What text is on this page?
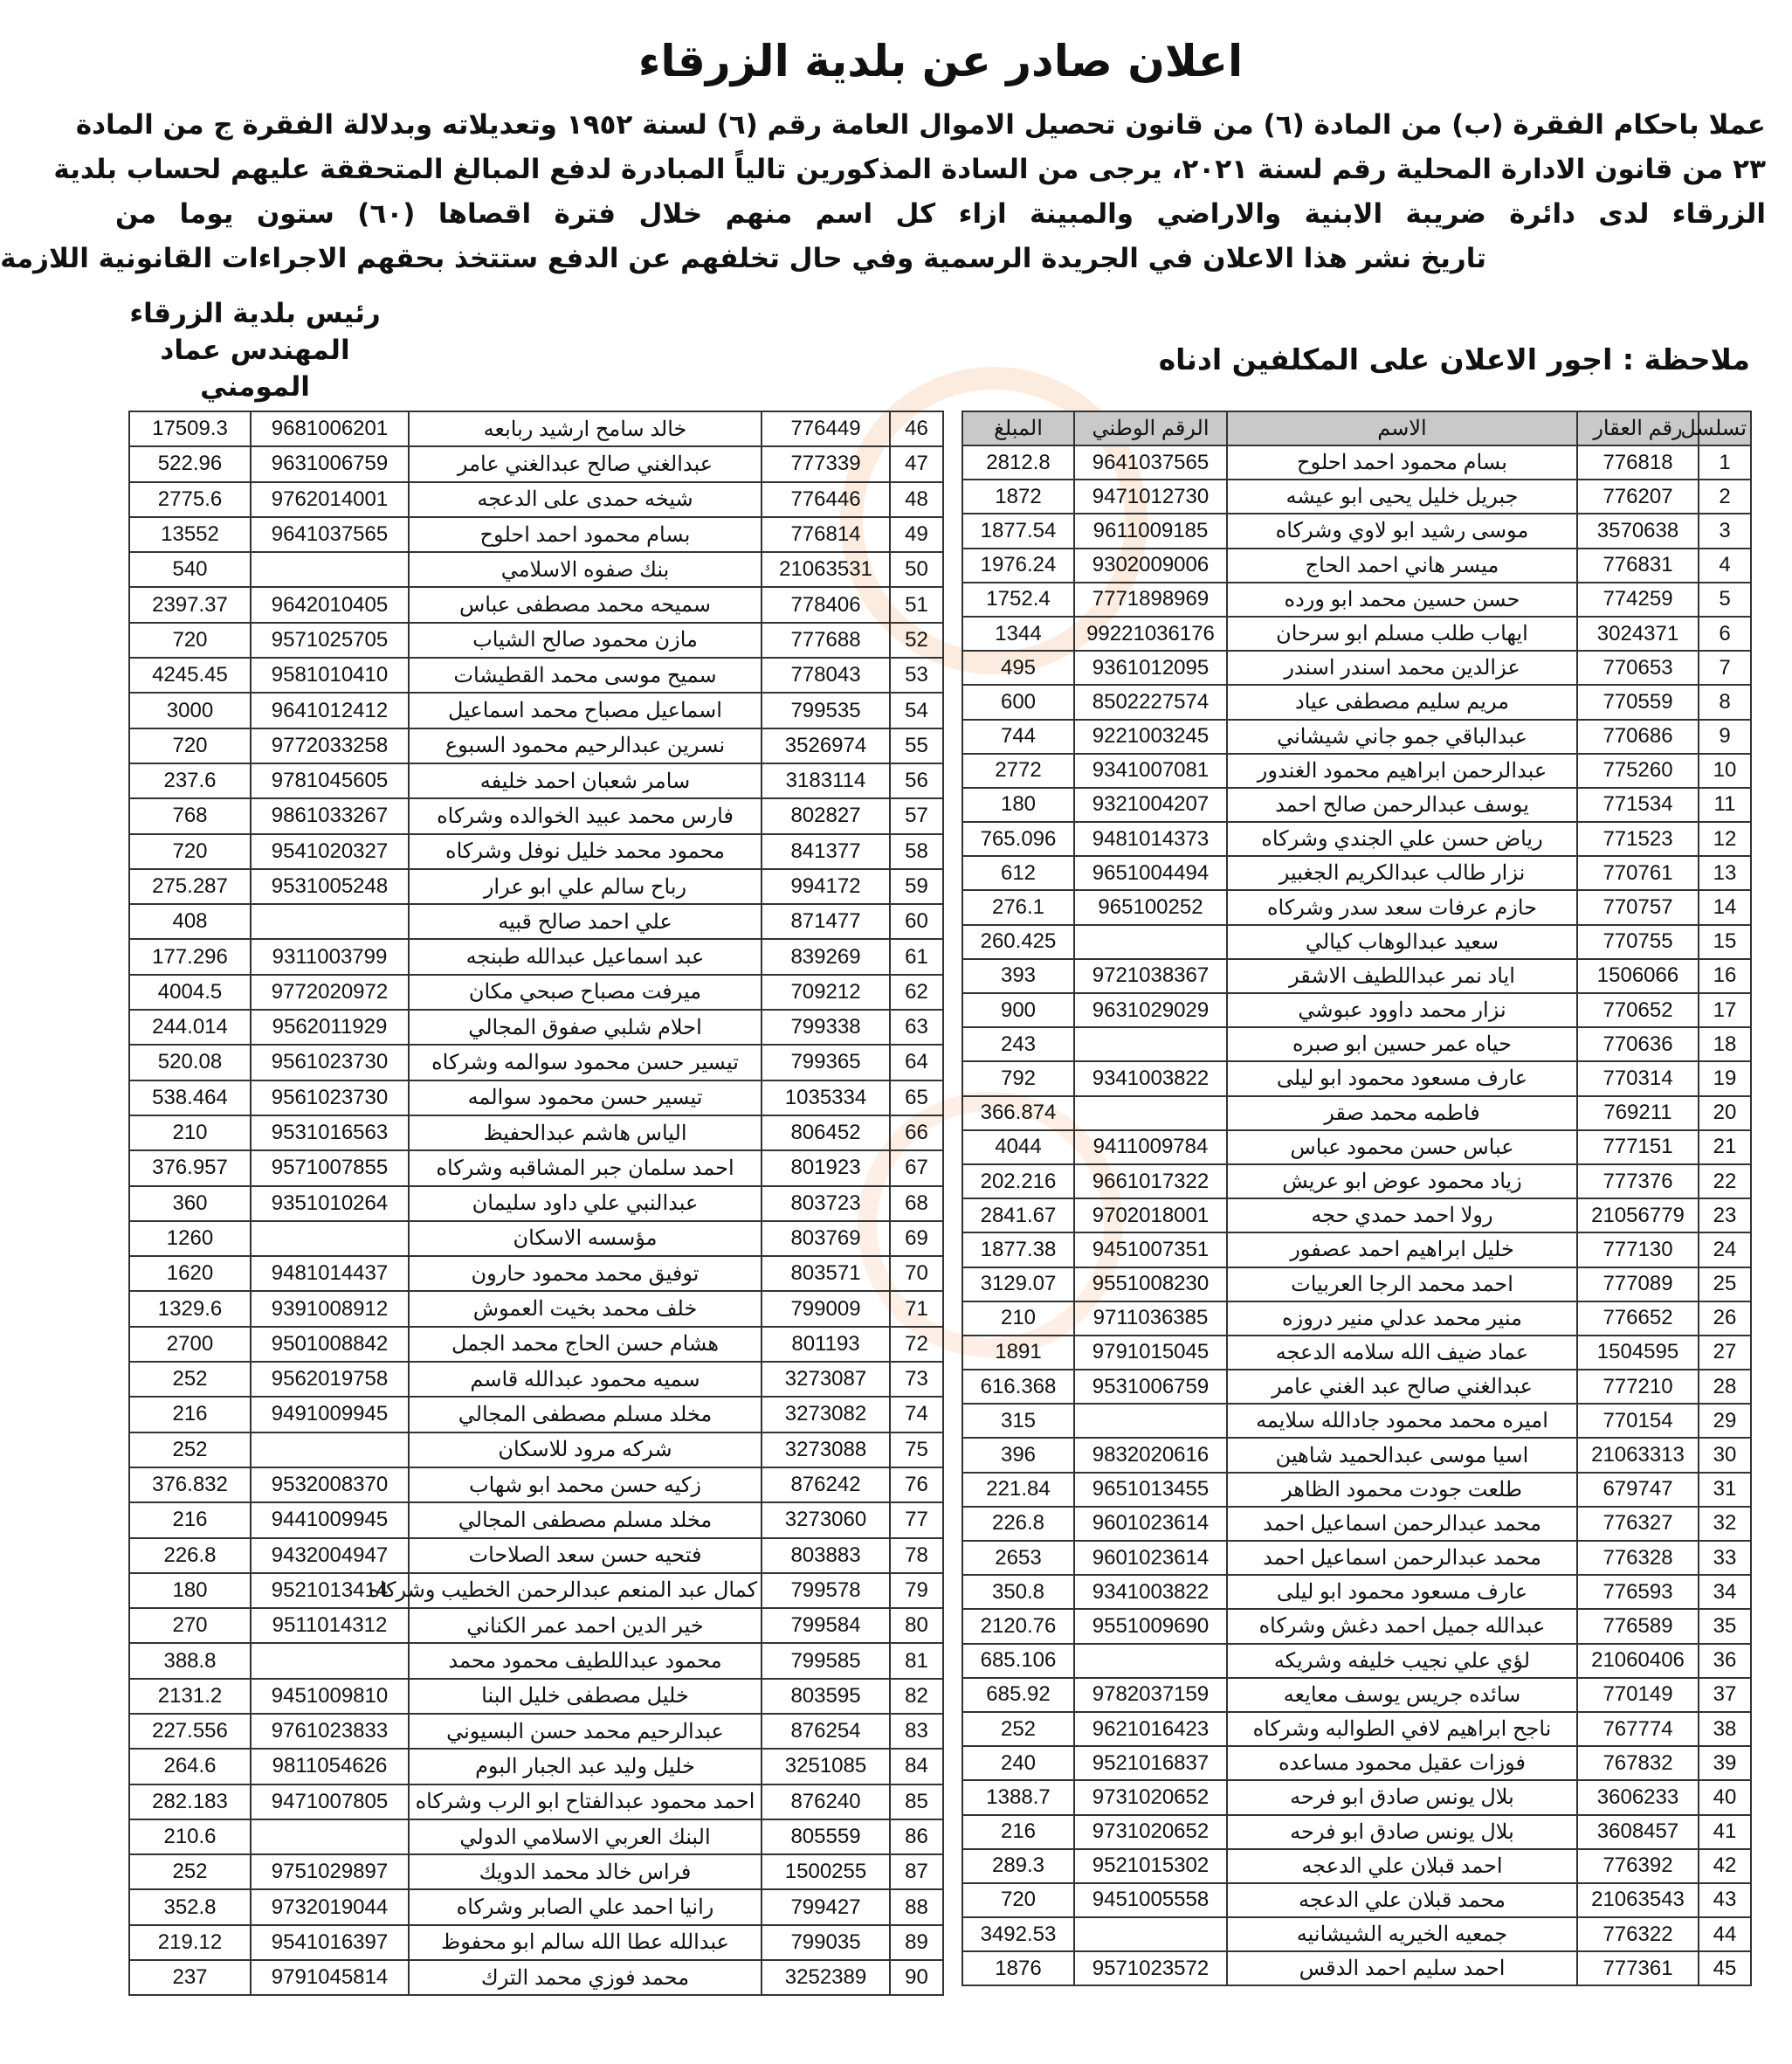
اعلان صادر عن بلدية الزرقاء
عملا باحكام الفقرة (ب) من المادة (٦) من قانون تحصيل الاموال العامة رقم (٦) لسنة ١٩٥٢ وتعديلاته وبدلالة الفقرة ج من المادة
٢٣ من قانون الادارة المحلية رقم لسنة ٢٠٢١، يرجى من السادة المذكورين تالياً المبادرة لدفع المبالغ المتحققة عليهم لحساب بلدية
الزرقاء لدى دائرة ضريبة الابنية والاراضي والمبينة ازاء كل اسم منهم خلال فترة اقصاها (٦٠) ستون يوما من
تاريخ نشر هذا الاعلان في الجريدة الرسمية وفي حال تخلفهم عن الدفع ستتخذ بحقهم الاجراءات القانونية اللازمة
رئيس بلدية الزرقاء
المهندس عماد المومني
ملاحظة : اجور الاعلان على المكلفين ادناه
تسلسل	رقم العقار	الاسم	الرقم الوطني	المبلغ
1	776818	بسام محمود احمد احلوح	9641037565	2812.8
2	776207	جبريل خليل يحيى ابو عيشه	9471012730	1872
3	3570638	موسى رشيد ابو لاوي وشركاه	9611009185	1877.54
4	776831	ميسر هاني احمد الحاج	9302009006	1976.24
5	774259	حسن حسين محمد ابو ورده	7771898969	1752.4
6	3024371	ايهاب طلب مسلم ابو سرحان	99221036176	1344
7	770653	عزالدين محمد اسندر اسندر	9361012095	495
8	770559	مريم سليم مصطفى عياد	8502227574	600
9	770686	عبدالباقي جمو جاني شيشاني	9221003245	744
10	775260	عبدالرحمن ابراهيم محمود الغندور	9341007081	2772
11	771534	يوسف عبدالرحمن صالح احمد	9321004207	180
12	771523	رياض حسن علي الجندي وشركاه	9481014373	765.096
13	770761	نزار طالب عبدالكريم الجغبير	9651004494	612
14	770757	حازم عرفات سعد سدر وشركاه	965100252	276.1
15	770755	سعيد عبدالوهاب كيالي		260.425
16	1506066	اياد نمر عبداللطيف الاشقر	9721038367	393
17	770652	نزار محمد داوود عبوشي	9631029029	900
18	770636	حياه عمر حسين ابو صبره		243
19	770314	عارف مسعود محمود ابو ليلى	9341003822	792
20	769211	فاطمه محمد صقر		366.874
21	777151	عباس حسن محمود عباس	9411009784	4044
22	777376	زياد محمود عوض ابو عريش	9661017322	202.216
23	21056779	رولا احمد حمدي حجه	9702018001	2841.67
24	777130	خليل ابراهيم احمد عصفور	9451007351	1877.38
25	777089	احمد محمد الرجا العربيات	9551008230	3129.07
26	776652	منير محمد عدلي منير دروزه	9711036385	210
27	1504595	عماد ضيف الله سلامه الدعجه	9791015045	1891
28	777210	عبدالغني صالح عبد الغني عامر	9531006759	616.368
29	770154	اميره محمد محمود جادالله سلايمه		315
30	21063313	اسيا موسى عبدالحميد شاهين	9832020616	396
31	679747	طلعت جودت محمود الظاهر	9651013455	221.84
32	776327	محمد عبدالرحمن اسماعيل احمد	9601023614	226.8
33	776328	محمد عبدالرحمن اسماعيل احمد	9601023614	2653
34	776593	عارف مسعود محمود ابو ليلى	9341003822	350.8
35	776589	عبدالله جميل احمد دغش وشركاه	9551009690	2120.76
36	21060406	لؤي علي نجيب خليفه وشريكه		685.106
37	770149	سائده جريس يوسف معايعه	9782037159	685.92
38	767774	ناجح ابراهيم لافي الطوالبه وشركاه	9621016423	252
39	767832	فوزات عقيل محمود مساعده	9521016837	240
40	3606233	بلال يونس صادق ابو فرحه	9731020652	1388.7
41	3608457	بلال يونس صادق ابو فرحه	9731020652	216
42	776392	احمد قبلان علي الدعجه	9521015302	289.3
43	21063543	محمد قبلان علي الدعجه	9451005558	720
44	776322	جمعيه الخيريه الشيشانيه		3492.53
45	777361	احمد سليم احمد الدقس	9571023572	1876
46	776449	خالد سامح ارشيد ربابعه	9681006201	17509.3
47	777339	عبدالغني صالح عبدالغني عامر	9631006759	522.96
48	776446	شيخه حمدى على الدعجه	9762014001	2775.6
49	776814	بسام محمود احمد احلوح	9641037565	13552
50	21063531	بنك صفوه الاسلامي		540
51	778406	سميحه محمد مصطفى عباس	9642010405	2397.37
52	777688	مازن محمود صالح الشياب	9571025705	720
53	778043	سميح موسى محمد القطيشات	9581010410	4245.45
54	799535	اسماعيل مصباح محمد اسماعيل	9641012412	3000
55	3526974	نسرين عبدالرحيم محمود السبوع	9772033258	720
56	3183114	سامر شعبان احمد خليفه	9781045605	237.6
57	802827	فارس محمد عبيد الخوالده وشركاه	9861033267	768
58	841377	محمود محمد خليل نوفل وشركاه	9541020327	720
59	994172	رباح سالم علي ابو عرار	9531005248	275.287
60	871477	علي احمد صالح قبيه		408
61	839269	عبد اسماعيل عبدالله طبنجه	9311003799	177.296
62	709212	ميرفت مصباح صبحي مكان	9772020972	4004.5
63	799338	احلام شلبي صفوق المجالي	9562011929	244.014
64	799365	تيسير حسن محمود سوالمه وشركاه	9561023730	520.08
65	1035334	تيسير حسن محمود سوالمه	9561023730	538.464
66	806452	الياس هاشم عبدالحفيظ	9531016563	210
67	801923	احمد سلمان جبر المشاقبه وشركاه	9571007855	376.957
68	803723	عبدالنبي علي داود سليمان	9351010264	360
69	803769	مؤسسه الاسكان		1260
70	803571	توفيق محمد محمود حارون	9481014437	1620
71	799009	خلف محمد بخيت العموش	9391008912	1329.6
72	801193	هشام حسن الحاج محمد الجمل	9501008842	2700
73	3273087	سميه محمود عبدالله قاسم	9562019758	252
74	3273082	مخلد مسلم مصطفى المجالي	9491009945	216
75	3273088	شركه مرود للاسكان		252
76	876242	زكيه حسن محمد ابو شهاب	9532008370	376.832
77	3273060	مخلد مسلم مصطفى المجالي	9441009945	216
78	803883	فتحيه حسن سعد الصلاحات	9432004947	226.8
79	799578	كمال عبد المنعم عبدالرحمن الخطيب وشركاه	9521013414	180
80	799584	خير الدين احمد عمر الكناني	9511014312	270
81	799585	محمود عبداللطيف محمود محمد		388.8
82	803595	خليل مصطفى خليل البنا	9451009810	2131.2
83	876254	عبدالرحيم محمد حسن البسيوني	9761023833	227.556
84	3251085	خليل وليد عبد الجبار البوم	9811054626	264.6
85	876240	احمد محمود عبدالفتاح ابو الرب وشركاه	9471007805	282.183
86	805559	البنك العربي الاسلامي الدولي		210.6
87	1500255	فراس خالد محمد الدويك	9751029897	252
88	799427	رانيا احمد علي الصابر وشركاه	9732019044	352.8
89	799035	عبدالله عطا الله سالم ابو محفوظ	9541016397	219.12
90	3252389	محمد فوزي محمد الترك	9791045814	237
